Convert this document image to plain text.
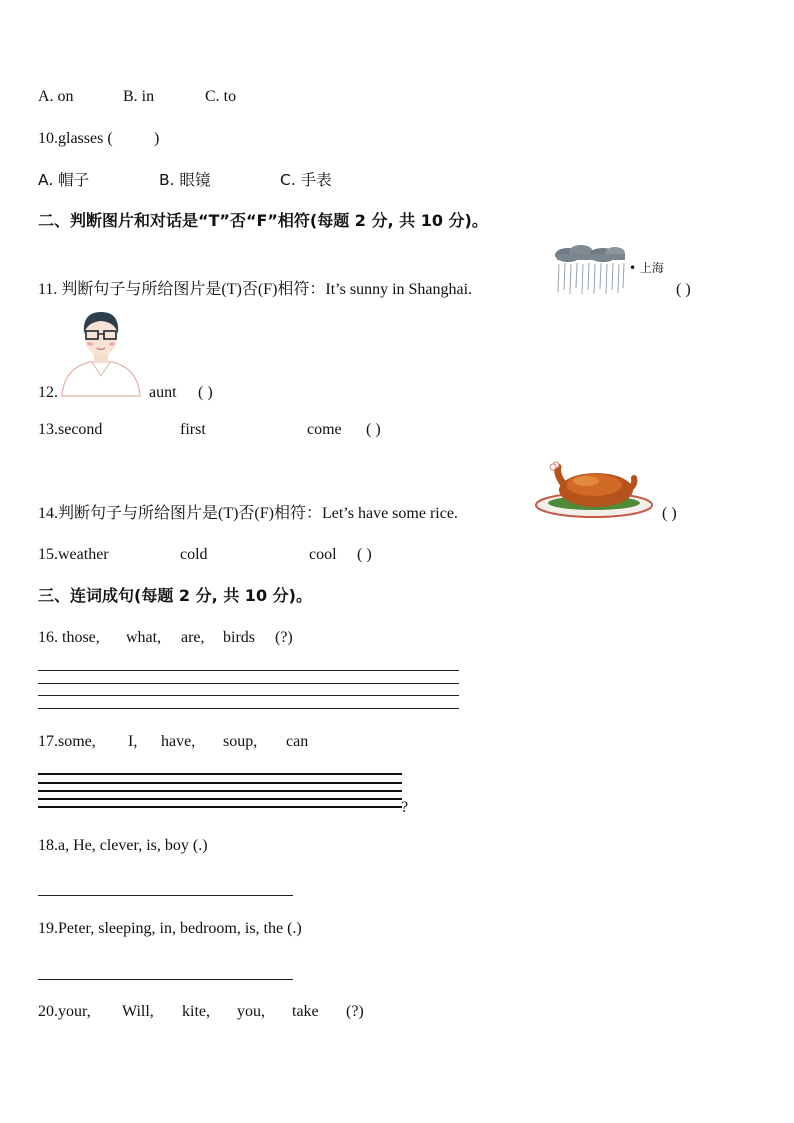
A. on	B. in	C. to
10.glasses (	)
A. 帽子	B. 眼镜	C. 手表
二、判断图片和对话是“T”否“F”相符(每题 2 分, 共 10 分)。
11. 判断句子与所给图片是(T)否(F)相符：It’s sunny in Shanghai.
• 上海
( )
12.	aunt ( )
13.second	first	come ( )
14.判断句子与所给图片是(T)否(F)相符：Let’s have some rice.	( )
15.weather	cold	cool ( )
三、连词成句(每题 2 分, 共 10 分)。
16. those, what, are, birds (?)
17.some, I, have, soup, can
?
18.a, He, clever, is, boy (.)
19.Peter, sleeping, in, bedroom, is, the (.)
20.your, Will, kite, you, take (?)
